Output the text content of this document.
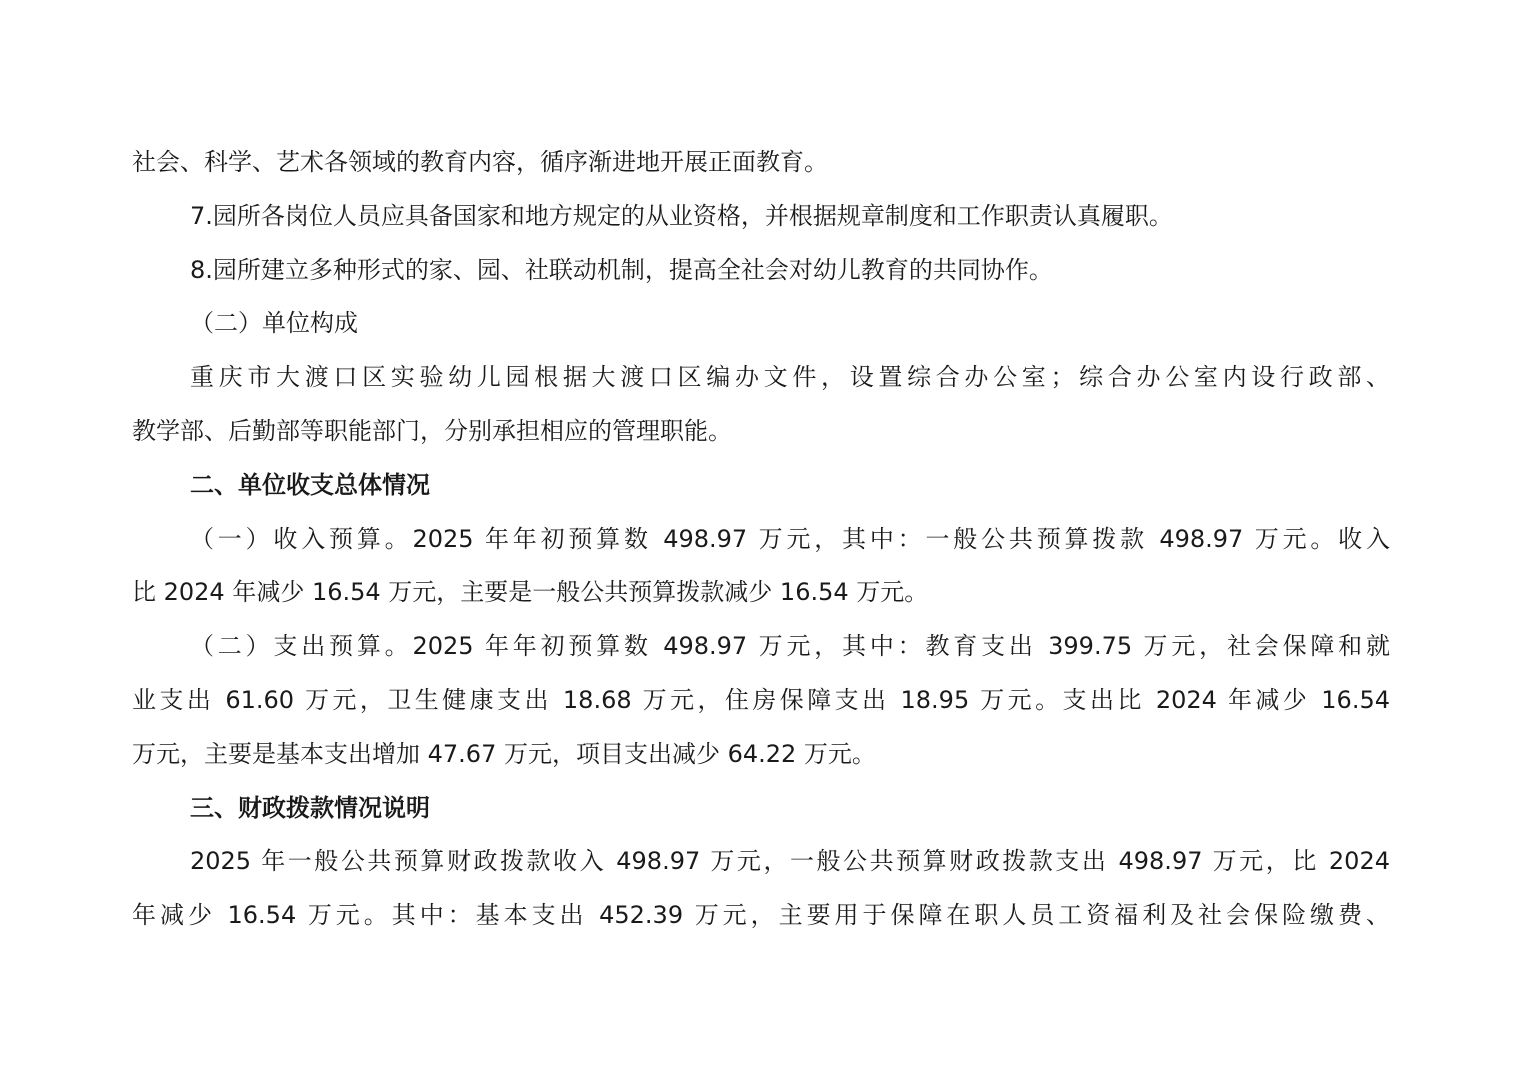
社会、科学、艺术各领域的教育内容，循序渐进地开展正面教育。
7.园所各岗位人员应具备国家和地方规定的从业资格，并根据规章制度和工作职责认真履职。
8.园所建立多种形式的家、园、社联动机制，提高全社会对幼儿教育的共同协作。
（二）单位构成
重庆市大渡口区实验幼儿园根据大渡口区编办文件，设置综合办公室；综合办公室内设行政部、
教学部、后勤部等职能部门，分别承担相应的管理职能。
二、单位收支总体情况
（一）收入预算。2025 年年初预算数 498.97 万元，其中：一般公共预算拨款 498.97 万元。收入
比 2024 年减少 16.54 万元，主要是一般公共预算拨款减少 16.54 万元。
（二）支出预算。2025 年年初预算数 498.97 万元，其中：教育支出 399.75 万元，社会保障和就
业支出 61.60 万元，卫生健康支出 18.68 万元，住房保障支出 18.95 万元。支出比 2024 年减少 16.54
万元，主要是基本支出增加 47.67 万元，项目支出减少 64.22 万元。
三、财政拨款情况说明
2025 年一般公共预算财政拨款收入 498.97 万元，一般公共预算财政拨款支出 498.97 万元，比 2024
年减少 16.54 万元。其中：基本支出 452.39 万元，主要用于保障在职人员工资福利及社会保险缴费、
